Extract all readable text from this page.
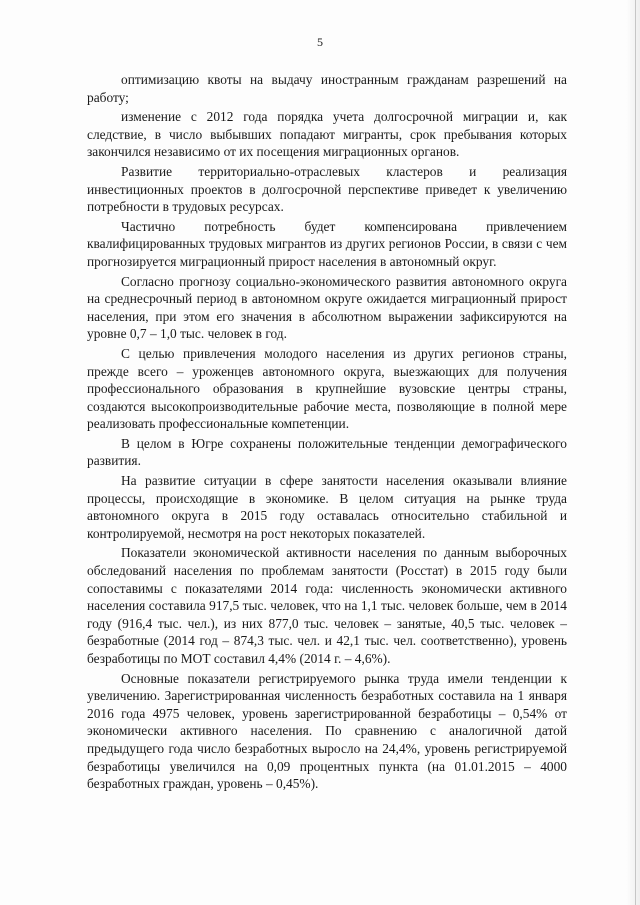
5

оптимизацию квоты на выдачу иностранным гражданам разрешений на работу;

изменение с 2012 года порядка учета долгосрочной миграции и, как следствие, в число выбывших попадают мигранты, срок пребывания которых закончился независимо от их посещения миграционных органов.

Развитие территориально-отраслевых кластеров и реализация инвестиционных проектов в долгосрочной перспективе приведет к увеличению потребности в трудовых ресурсах.

Частично потребность будет компенсирована привлечением квалифицированных трудовых мигрантов из других регионов России, в связи с чем прогнозируется миграционный прирост населения в автономный округ.

Согласно прогнозу социально-экономического развития автономного округа на среднесрочный период в автономном округе ожидается миграционный прирост населения, при этом его значения в абсолютном выражении зафиксируются на уровне 0,7 – 1,0 тыс. человек в год.

С целью привлечения молодого населения из других регионов страны, прежде всего – уроженцев автономного округа, выезжающих для получения профессионального образования в крупнейшие вузовские центры страны, создаются высокопроизводительные рабочие места, позволяющие в полной мере реализовать профессиональные компетенции.

В целом в Югре сохранены положительные тенденции демографического развития.

На развитие ситуации в сфере занятости населения оказывали влияние процессы, происходящие в экономике. В целом ситуация на рынке труда автономного округа в 2015 году оставалась относительно стабильной и контролируемой, несмотря на рост некоторых показателей.

Показатели экономической активности населения по данным выборочных обследований населения по проблемам занятости (Росстат) в 2015 году были сопоставимы с показателями 2014 года: численность экономически активного населения составила 917,5 тыс. человек, что на 1,1 тыс. человек больше, чем в 2014 году (916,4 тыс. чел.), из них 877,0 тыс. человек – занятые, 40,5 тыс. человек – безработные (2014 год – 874,3 тыс. чел. и 42,1 тыс. чел. соответственно), уровень безработицы по МОТ составил 4,4% (2014 г. – 4,6%).

Основные показатели регистрируемого рынка труда имели тенденции к увеличению. Зарегистрированная численность безработных составила на 1 января 2016 года 4975 человек, уровень зарегистрированной безработицы – 0,54% от экономически активного населения. По сравнению с аналогичной датой предыдущего года число безработных выросло на 24,4%, уровень регистрируемой безработицы увеличился на 0,09 процентных пункта (на 01.01.2015 – 4000 безработных граждан, уровень – 0,45%).
